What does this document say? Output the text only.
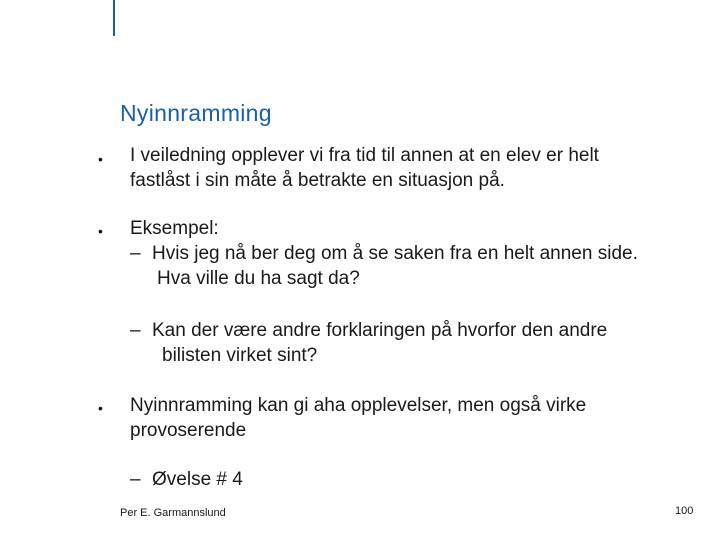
Nyinnramming
• I veiledning opplever vi fra tid til annen at en elev er helt
fastlåst i sin måte å betrakte en situasjon på.
• Eksempel:
– Hvis jeg nå ber deg om å se saken fra en helt annen side.
Hva ville du ha sagt da?
– Kan der være andre forklaringen på hvorfor den andre
bilisten virket sint?
• Nyinnramming kan gi aha opplevelser, men også virke
provoserende
– Øvelse # 4
Per E. Garmannslund	100
